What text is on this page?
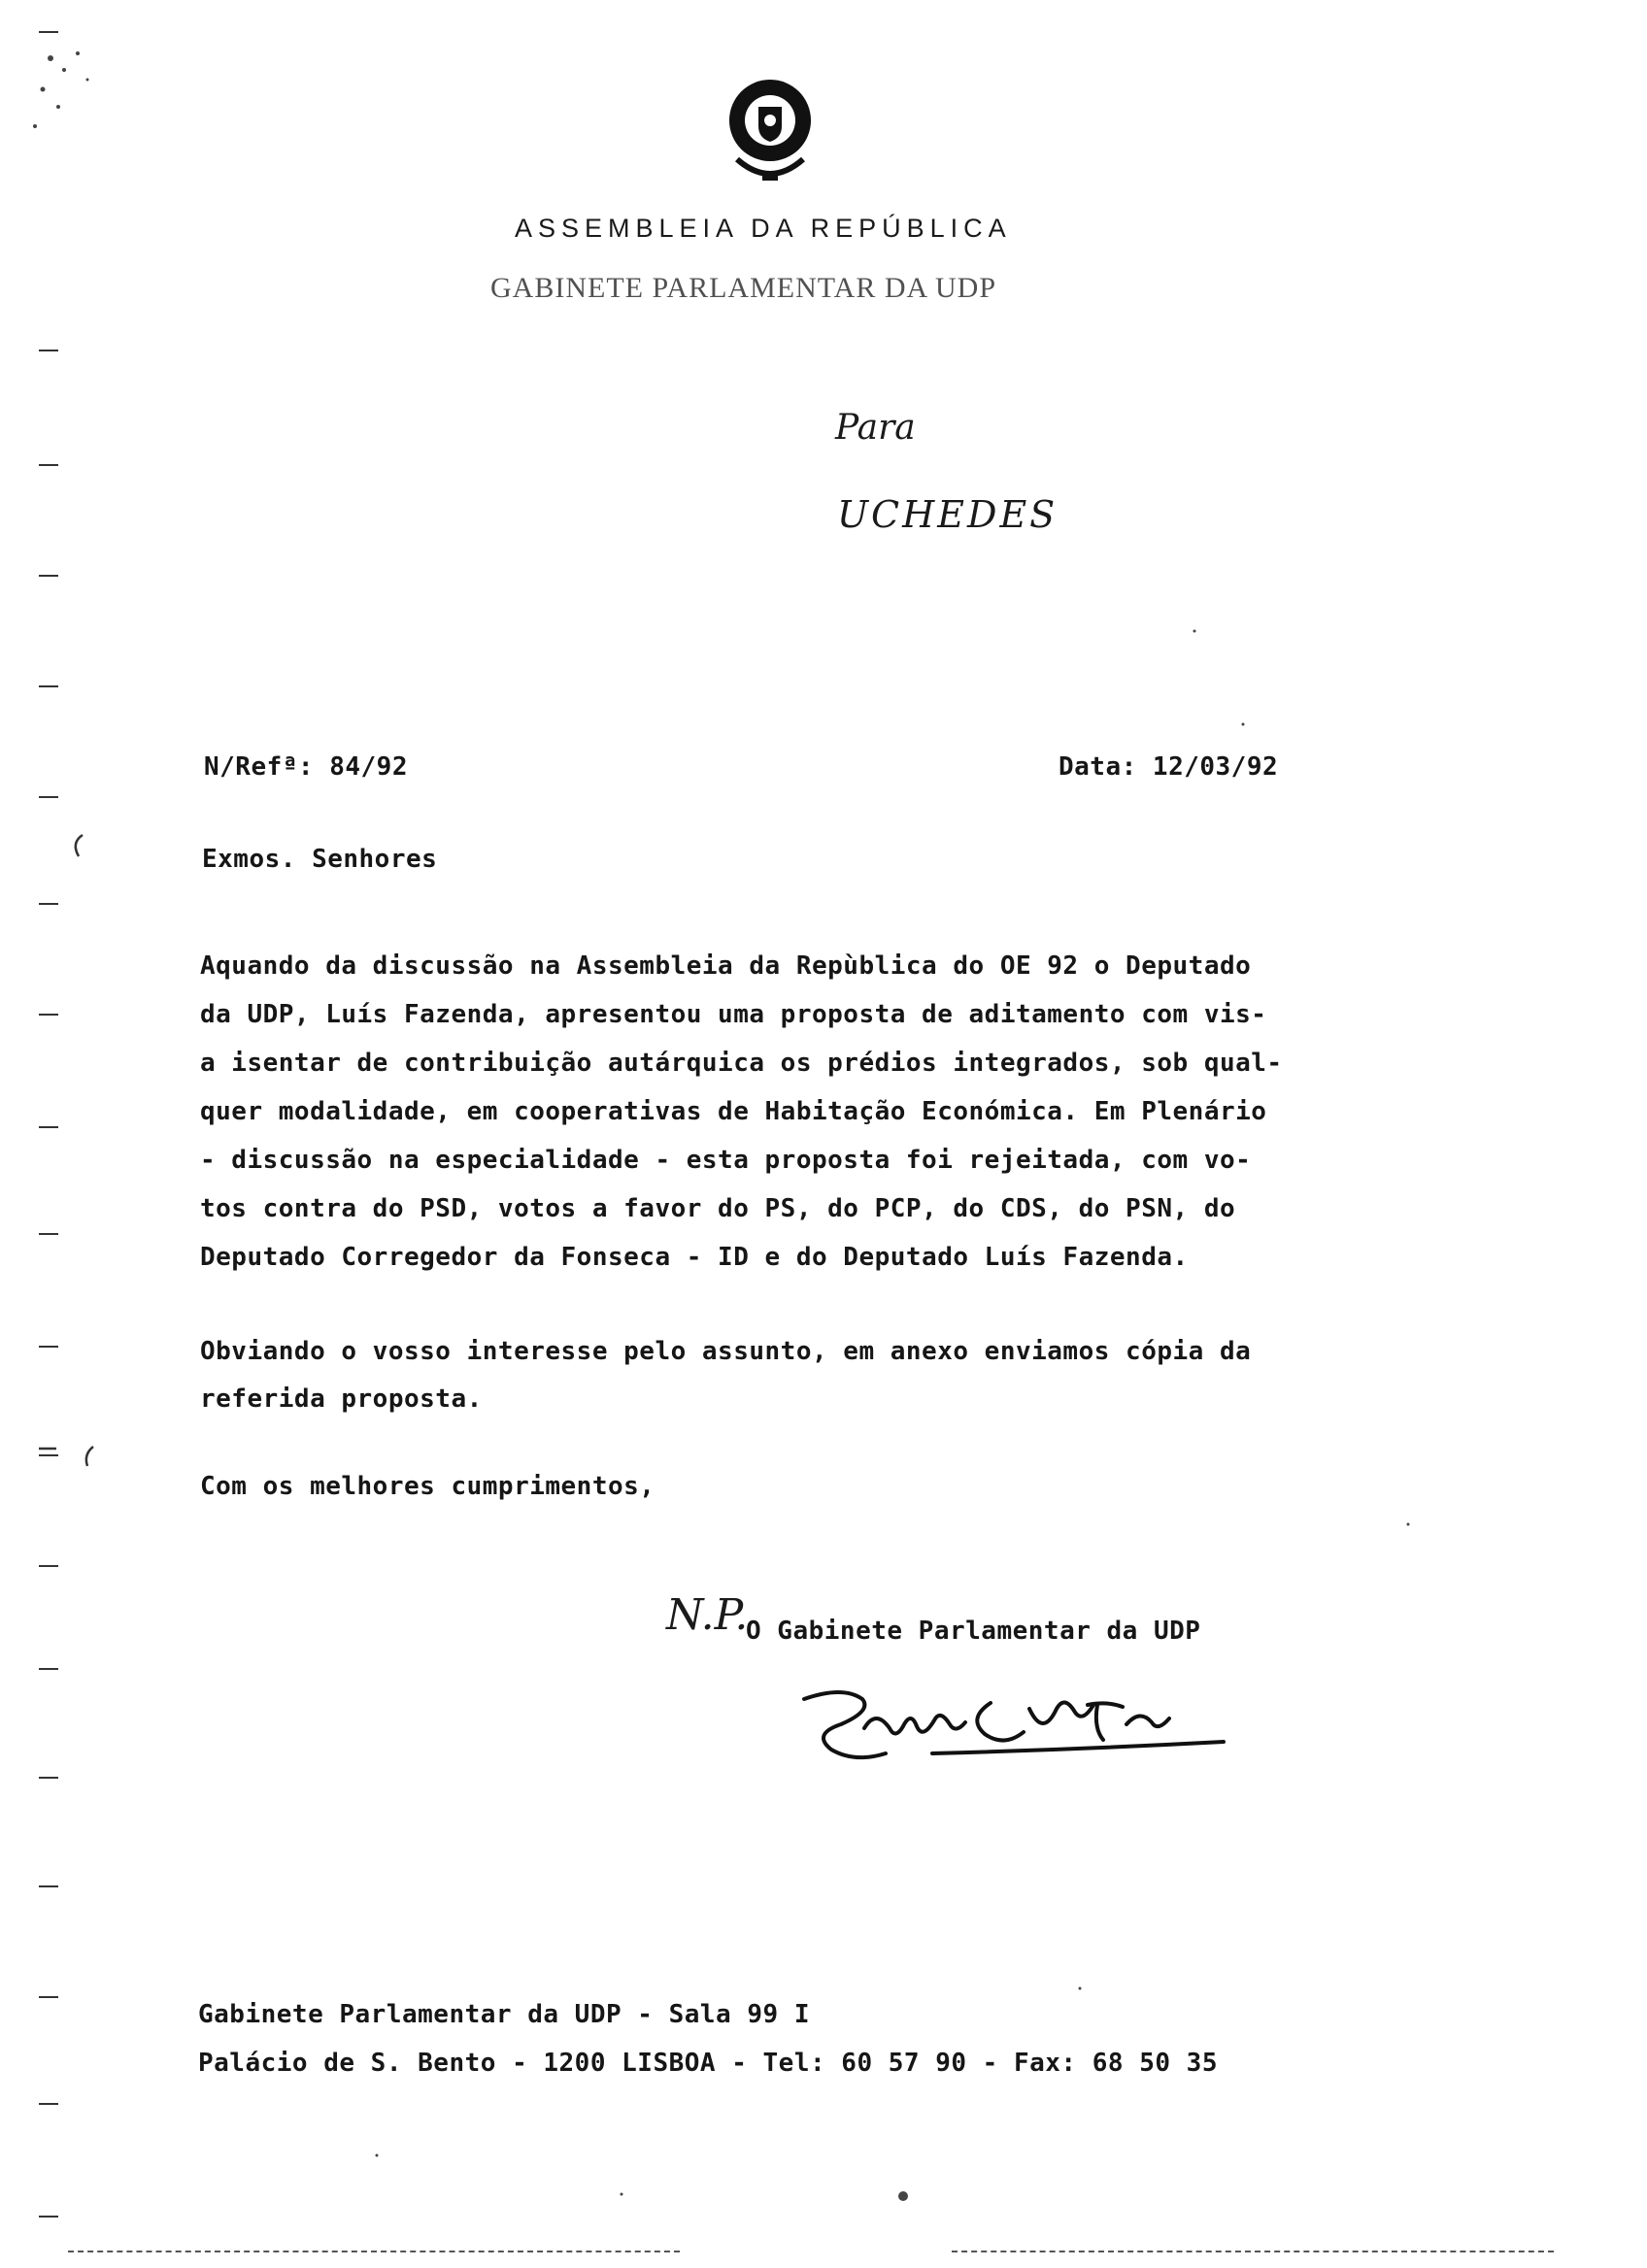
ASSEMBLEIA DA REPÚBLICA
GABINETE PARLAMENTAR DA UDP
Para
UCHEDES
N/Refª: 84/92	Data: 12/03/92
Exmos. Senhores
Aquando da discussão na Assembleia da Repùblica do OE 92 o Deputado
da UDP, Luís Fazenda, apresentou uma proposta de aditamento com vis-
a isentar de contribuição autárquica os prédios integrados, sob qual-
quer modalidade, em cooperativas de Habitação Económica. Em Plenário
- discussão na especialidade - esta proposta foi rejeitada, com vo-
tos contra do PSD, votos a favor do PS, do PCP, do CDS, do PSN, do
Deputado Corregedor da Fonseca - ID e do Deputado Luís Fazenda.
Obviando o vosso interesse pelo assunto, em anexo enviamos cópia da
referida proposta.
Com os melhores cumprimentos,
N.P.
O Gabinete Parlamentar da UDP
Gabinete Parlamentar da UDP - Sala 99 I
Palácio de S. Bento - 1200 LISBOA - Tel: 60 57 90 - Fax: 68 50 35
